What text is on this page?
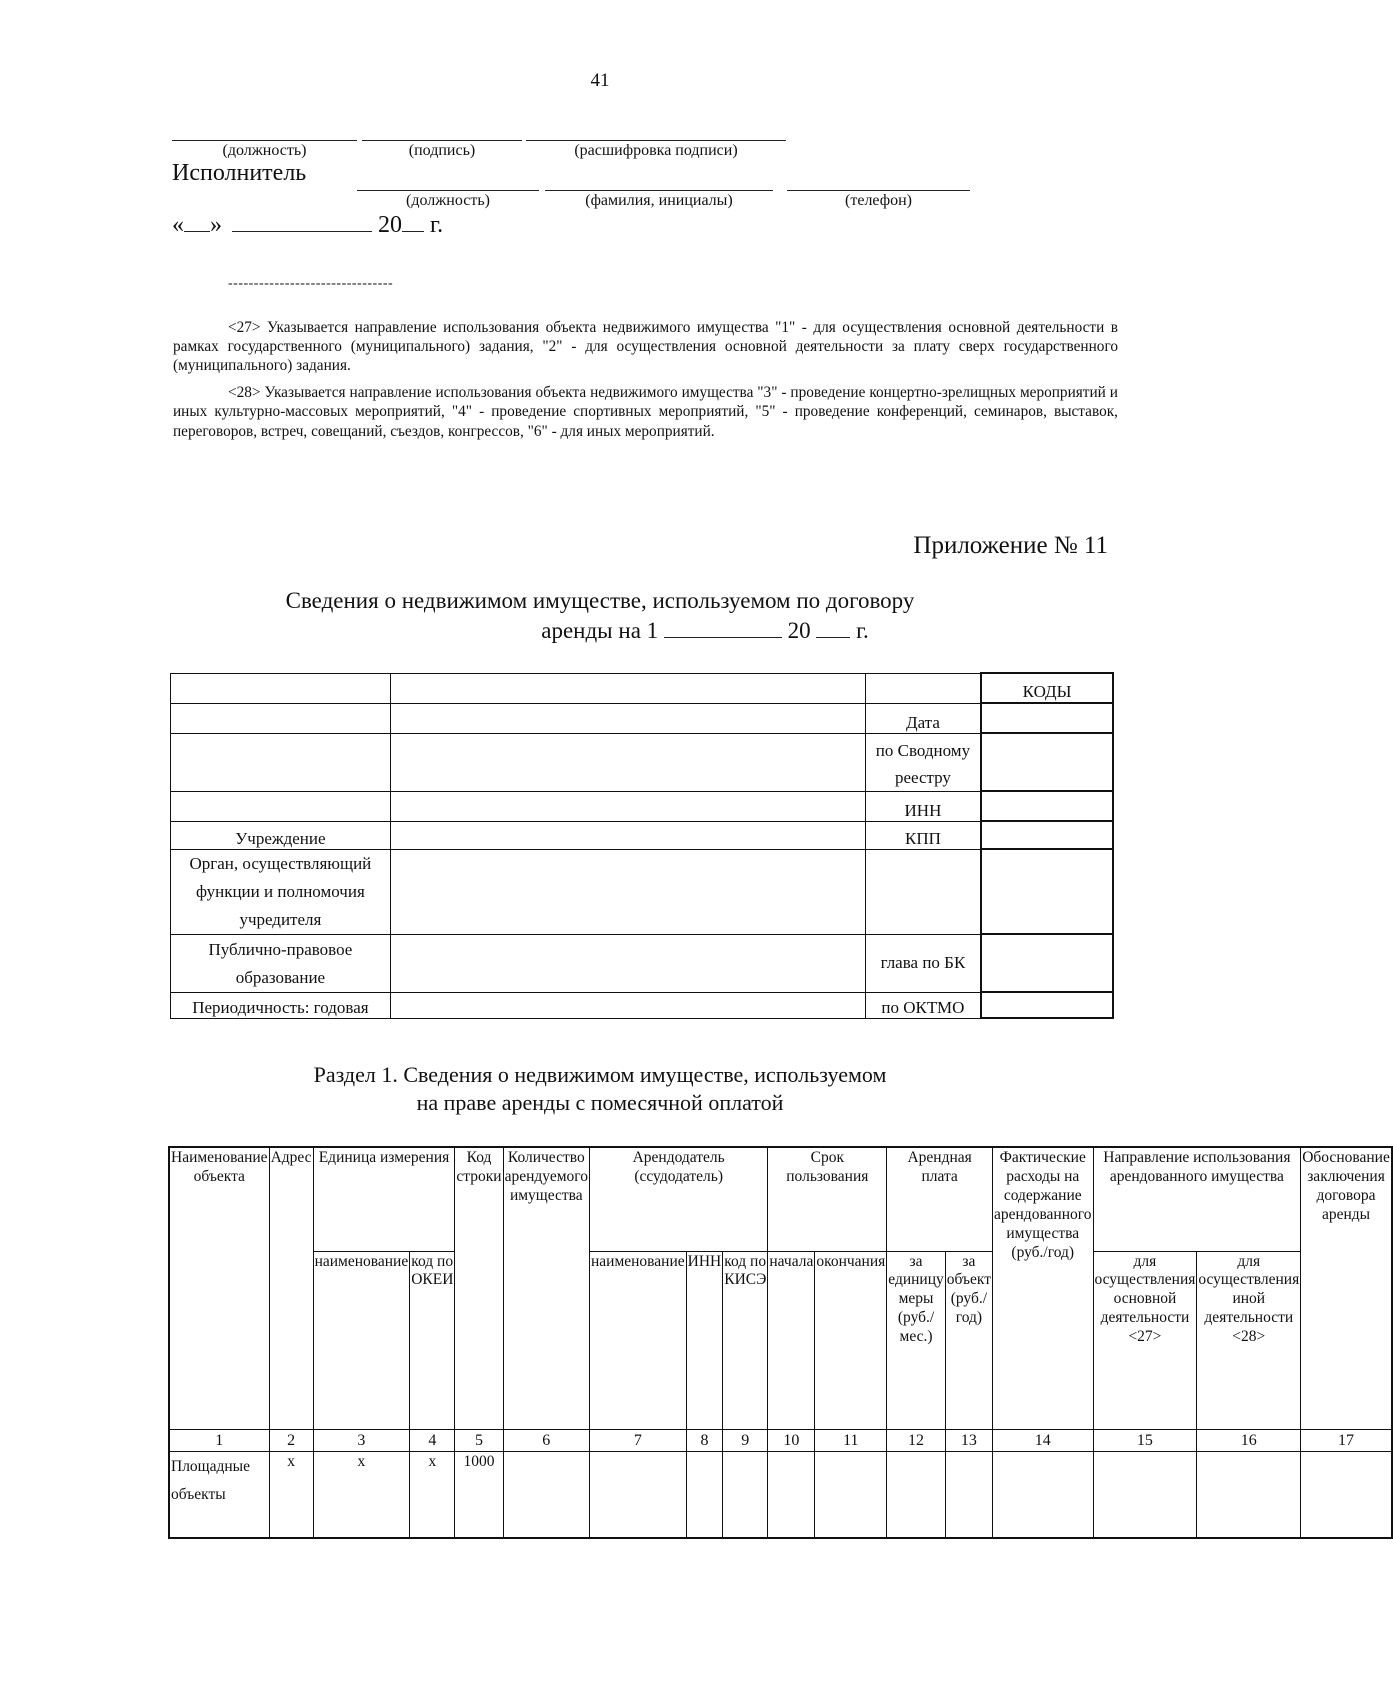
41
(должность)	(подпись)	(расшифровка подписи)
Исполнитель
(должность)	(фамилия, инициалы)	(телефон)
« »	20 г.
--------------------------------

<27> Указывается направление использования объекта недвижимого имущества "1" - для осуществления основной деятельности в рамках государственного (муниципального) задания, "2" - для осуществления основной деятельности за плату сверх государственного (муниципального) задания.

<28> Указывается направление использования объекта недвижимого имущества "3" - проведение концертно-зрелищных мероприятий и иных культурно-массовых мероприятий, "4" - проведение спортивных мероприятий, "5" - проведение конференций, семинаров, выставок, переговоров, встреч, совещаний, съездов, конгрессов, "6" - для иных мероприятий.

Приложение № 11
Сведения о недвижимом имуществе, используемом по договору
аренды на 1	20 г.
			КОДЫ
		Дата	
		по Сводному реестру	
		ИНН	
Учреждение		КПП	
Орган, осуществляющий функции и полномочия учредителя			
Публично-правовое образование		глава по БК	
Периодичность: годовая		по ОКТМО	
Раздел 1. Сведения о недвижимом имуществе, используемом
на праве аренды с помесячной оплатой
Наименование объекта	Адрес	Единица измерения		Код строки	Количество арендуемого имущества	Арендодатель (ссудодатель)			Срок пользования		Арендная плата		Фактические расходы на содержание арендованного имущества (руб./год)	Направление использования арендованного имущества		Обоснование заключения договора аренды
		наименование	код по ОКЕИ			наименование	ИНН	код по КИСЭ	начала	окончания	за единицу меры (руб./мес.)	за объект (руб./год)		для осуществления основной деятельности <27>	для осуществления иной деятельности <28>	
1	2	3	4	5	6	7	8	9	10	11	12	13	14	15	16	17
Площадные объекты	х	х	х	1000												
